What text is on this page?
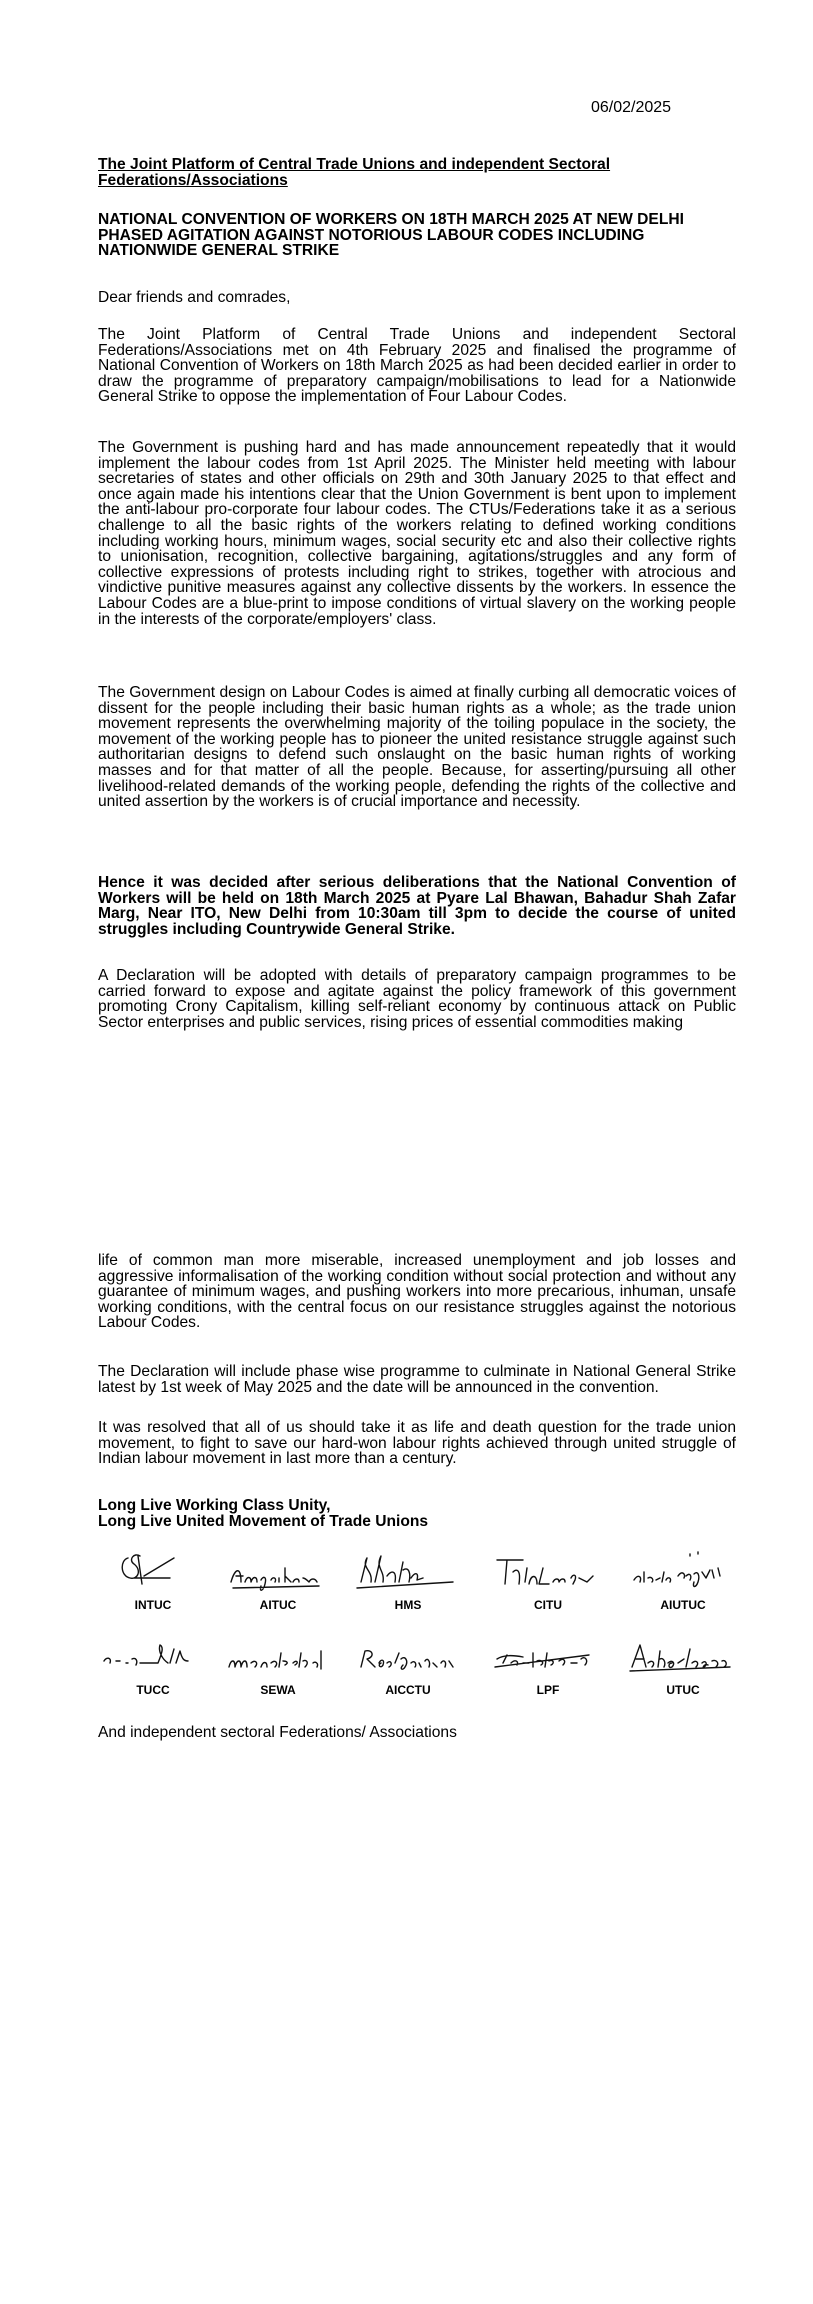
06/02/2025
The Joint Platform of Central Trade Unions and independent Sectoral Federations/Associations
NATIONAL CONVENTION OF WORKERS ON 18TH MARCH 2025 AT NEW DELHI PHASED AGITATION AGAINST NOTORIOUS LABOUR CODES INCLUDING NATIONWIDE GENERAL STRIKE
Dear friends and comrades,
The Joint Platform of Central Trade Unions and independent Sectoral Federations/Associations met on 4th February 2025 and finalised the programme of National Convention of Workers on 18th March 2025 as had been decided earlier in order to draw the programme of preparatory campaign/mobilisations to lead for a Nationwide General Strike to oppose the implementation of Four Labour Codes.
The Government is pushing hard and has made announcement repeatedly that it would implement the labour codes from 1st April 2025. The Minister held meeting with labour secretaries of states and other officials on 29th and 30th January 2025 to that effect and once again made his intentions clear that the Union Government is bent upon to implement the anti-labour pro-corporate four labour codes. The CTUs/Federations take it as a serious challenge to all the basic rights of the workers relating to defined working conditions including working hours, minimum wages, social security etc and also their collective rights to unionisation, recognition, collective bargaining, agitations/struggles and any form of collective expressions of protests including right to strikes, together with atrocious and vindictive punitive measures against any collective dissents by the workers. In essence the Labour Codes are a blue-print to impose conditions of virtual slavery on the working people in the interests of the corporate/employers' class.
The Government design on Labour Codes is aimed at finally curbing all democratic voices of dissent for the people including their basic human rights as a whole; as the trade union movement represents the overwhelming majority of the toiling populace in the society, the movement of the working people has to pioneer the united resistance struggle against such authoritarian designs to defend such onslaught on the basic human rights of working masses and for that matter of all the people. Because, for asserting/pursuing all other livelihood-related demands of the working people, defending the rights of the collective and united assertion by the workers is of crucial importance and necessity.
Hence it was decided after serious deliberations that the National Convention of Workers will be held on 18th March 2025 at Pyare Lal Bhawan, Bahadur Shah Zafar Marg, Near ITO, New Delhi from 10:30am till 3pm to decide the course of united struggles including Countrywide General Strike.
A Declaration will be adopted with details of preparatory campaign programmes to be carried forward to expose and agitate against the policy framework of this government promoting Crony Capitalism, killing self-reliant economy by continuous attack on Public Sector enterprises and public services, rising prices of essential commodities making
life of common man more miserable, increased unemployment and job losses and aggressive informalisation of the working condition without social protection and without any guarantee of minimum wages, and pushing workers into more precarious, inhuman, unsafe working conditions, with the central focus on our resistance struggles against the notorious Labour Codes.
The Declaration will include phase wise programme to culminate in National General Strike latest by 1st week of May 2025 and the date will be announced in the convention.
It was resolved that all of us should take it as life and death question for the trade union movement, to fight to save our hard-won labour rights achieved through united struggle of Indian labour movement in last more than a century.

Long Live Working Class Unity,

Long Live United Movement of Trade Unions

INTUC	AITUC	HMS	CITU	AIUTUC
TUCC	SEWA	AICCTU	LPF	UTUC
And independent sectoral Federations/ Associations
